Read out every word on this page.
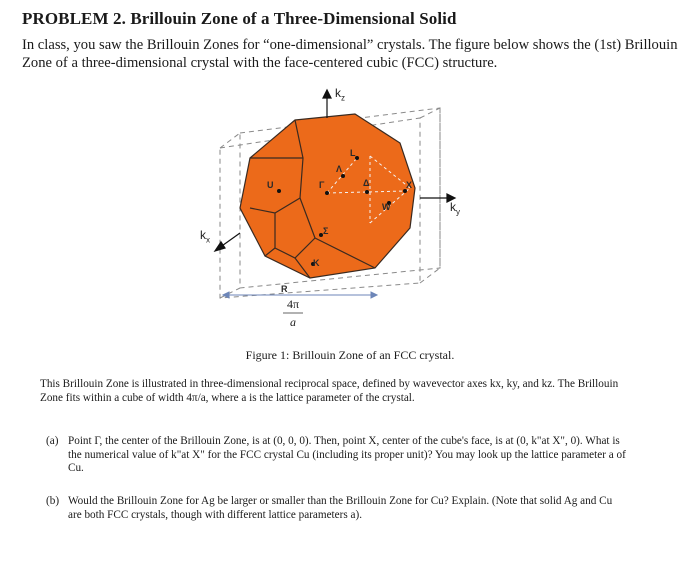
PROBLEM 2. Brillouin Zone of a Three-Dimensional Solid
In class, you saw the Brillouin Zones for “one-dimensional” crystals. The figure below shows the (1st) Brillouin Zone of a three-dimensional crystal with the face-centered cubic (FCC) structure.
$k_z$
$k_y$
$k_x$
U
L
Γ
Λ
Δ	X
W
Σ
K
R
4π
a
Figure 1: Brillouin Zone of an FCC crystal.
This Brillouin Zone is illustrated in three-dimensional reciprocal space, defined by wavevector axes kx, ky, and kz. The Brillouin Zone fits within a cube of width 4π/a, where a is the lattice parameter of the crystal.
(a) Point Γ, the center of the Brillouin Zone, is at (0, 0, 0). Then, point X, center of the cube's face, is at (0, k"at X", 0). What is the numerical value of k"at X" for the FCC crystal Cu (including its proper unit)? You may look up the lattice parameter a of Cu.
(b) Would the Brillouin Zone for Ag be larger or smaller than the Brillouin Zone for Cu? Explain. (Note that solid Ag and Cu are both FCC crystals, though with different lattice parameters a).
